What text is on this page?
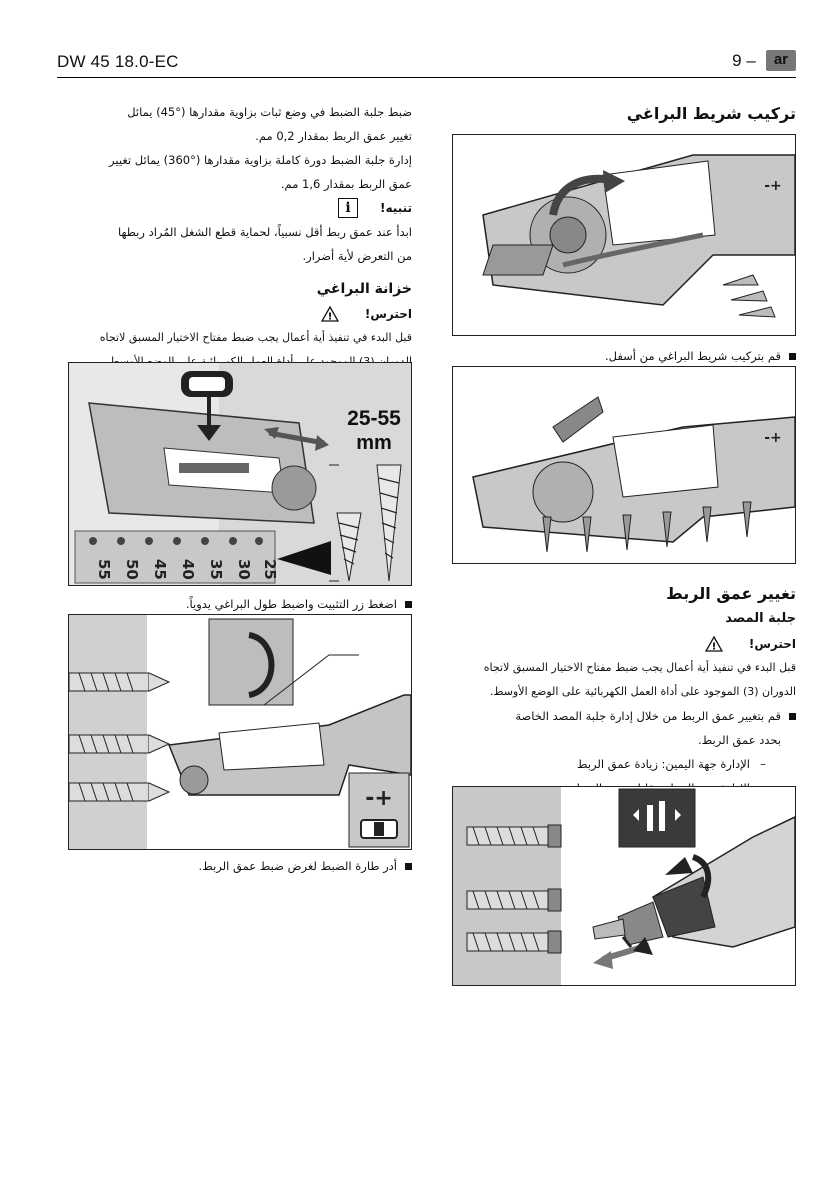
DW 45 18.0-EC	9 –	ar

ضبط جلبة الضبط في وضع ثبات بزاوية مقدارها (°45) يمائل
تغيير عمق الربط بمقدار 0,2 مم.

إدارة جلبة الضبط دورة كاملة بزاوية مقدارها (°360) يمائل تغيير
عمق الربط بمقدار 1,6 مم.

تنبيه!
i

ابدأ عند عمق ربط أقل نسبياً، لحماية قطع الشغل المُراد ربطها
من التعرض لأية أضرار.

خزانة البراغي

احترس!
!

قبل البدء في تنفيذ أية أعمال يجب ضبط مفتاح الاختيار المسبق لاتجاه

55 50 45 40 35 30 25
25-55
mm
اضغط زر التثبيت واضبط طول البراغي يدوياً.
-+
أدر طارة الضبط لغرض ضبط عمق الربط.

تركيب شريط البراغي

-+
قم بتركيب شريط البراغي من أسفل.
-+

تغيير عمق الربط

جلبة المصد

احترس!
!

قبل البدء في تنفيذ أية أعمال يجب ضبط مفتاح الاختيار المسبق لاتجاه
الدوران (3) الموجود على أداة العمل الكهربائية على الوضع الأوسط.

قم بتغيير عمق الربط من خلال إدارة جلبة المصد الخاصة
بحدد عمق الربط.
–
الإدارة جهة اليمين: زيادة عمق الربط
